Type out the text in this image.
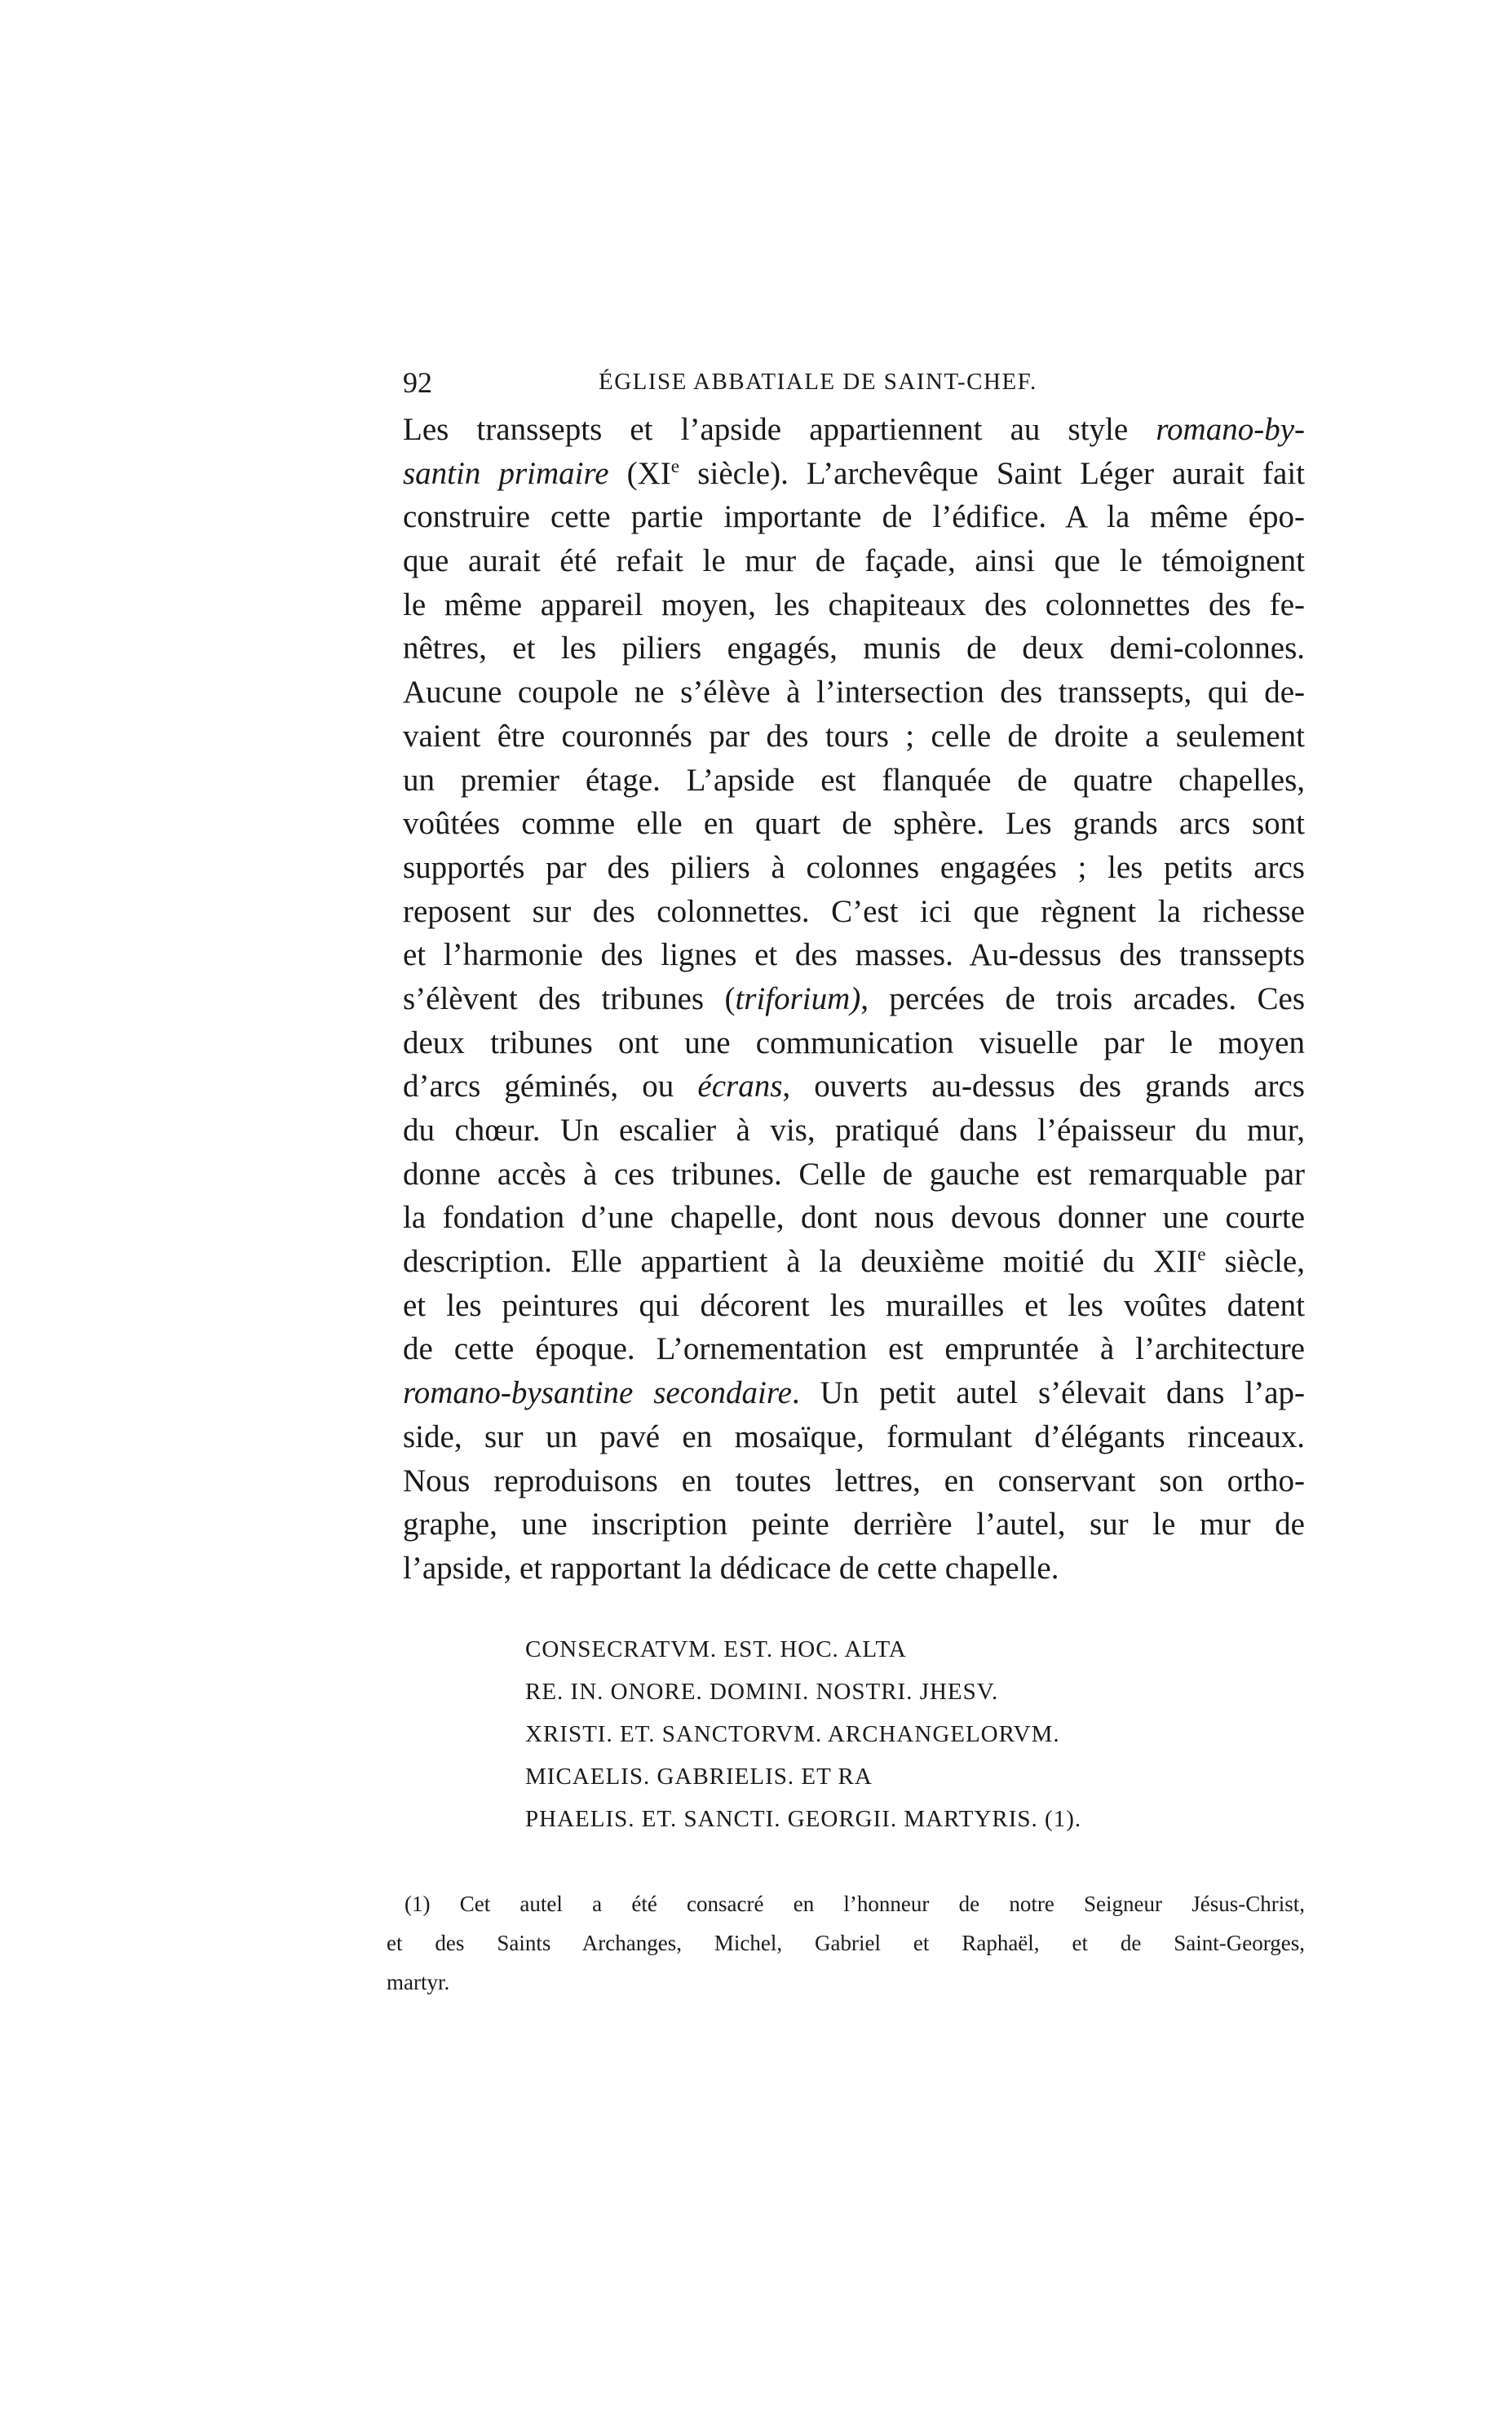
92	ÉGLISE ABBATIALE DE SAINT-CHEF.
Les transsepts et l’apside appartiennent au style romano-by-
santin primaire (XIe siècle). L’archevêque Saint Léger aurait fait
construire cette partie importante de l’édifice. A la même épo-
que aurait été refait le mur de façade, ainsi que le témoignent
le même appareil moyen, les chapiteaux des colonnettes des fe-
nêtres, et les piliers engagés, munis de deux demi-colonnes.
Aucune coupole ne s’élève à l’intersection des transsepts, qui de-
vaient être couronnés par des tours ; celle de droite a seulement
un premier étage. L’apside est flanquée de quatre chapelles,
voûtées comme elle en quart de sphère. Les grands arcs sont
supportés par des piliers à colonnes engagées ; les petits arcs
reposent sur des colonnettes. C’est ici que règnent la richesse
et l’harmonie des lignes et des masses. Au-dessus des transsepts
s’élèvent des tribunes (triforium), percées de trois arcades. Ces
deux tribunes ont une communication visuelle par le moyen
d’arcs géminés, ou écrans, ouverts au-dessus des grands arcs
du chœur. Un escalier à vis, pratiqué dans l’épaisseur du mur,
donne accès à ces tribunes. Celle de gauche est remarquable par
la fondation d’une chapelle, dont nous devous donner une courte
description. Elle appartient à la deuxième moitié du XIIe siècle,
et les peintures qui décorent les murailles et les voûtes datent
de cette époque. L’ornementation est empruntée à l’architecture
romano-bysantine secondaire. Un petit autel s’élevait dans l’ap-
side, sur un pavé en mosaïque, formulant d’élégants rinceaux.
Nous reproduisons en toutes lettres, en conservant son ortho-
graphe, une inscription peinte derrière l’autel, sur le mur de
l’apside, et rapportant la dédicace de cette chapelle.
CONSECRATVM. EST. HOC. ALTA
RE. IN. ONORE. DOMINI. NOSTRI. JHESV.
XRISTI. ET. SANCTORVM. ARCHANGELORVM.
MICAELIS. GABRIELIS. ET RA
PHAELIS. ET. SANCTI. GEORGII. MARTYRIS. (1).
(1) Cet autel a été consacré en l’honneur de notre Seigneur Jésus-Christ,
et des Saints Archanges, Michel, Gabriel et Raphaël, et de Saint-Georges,
martyr.
